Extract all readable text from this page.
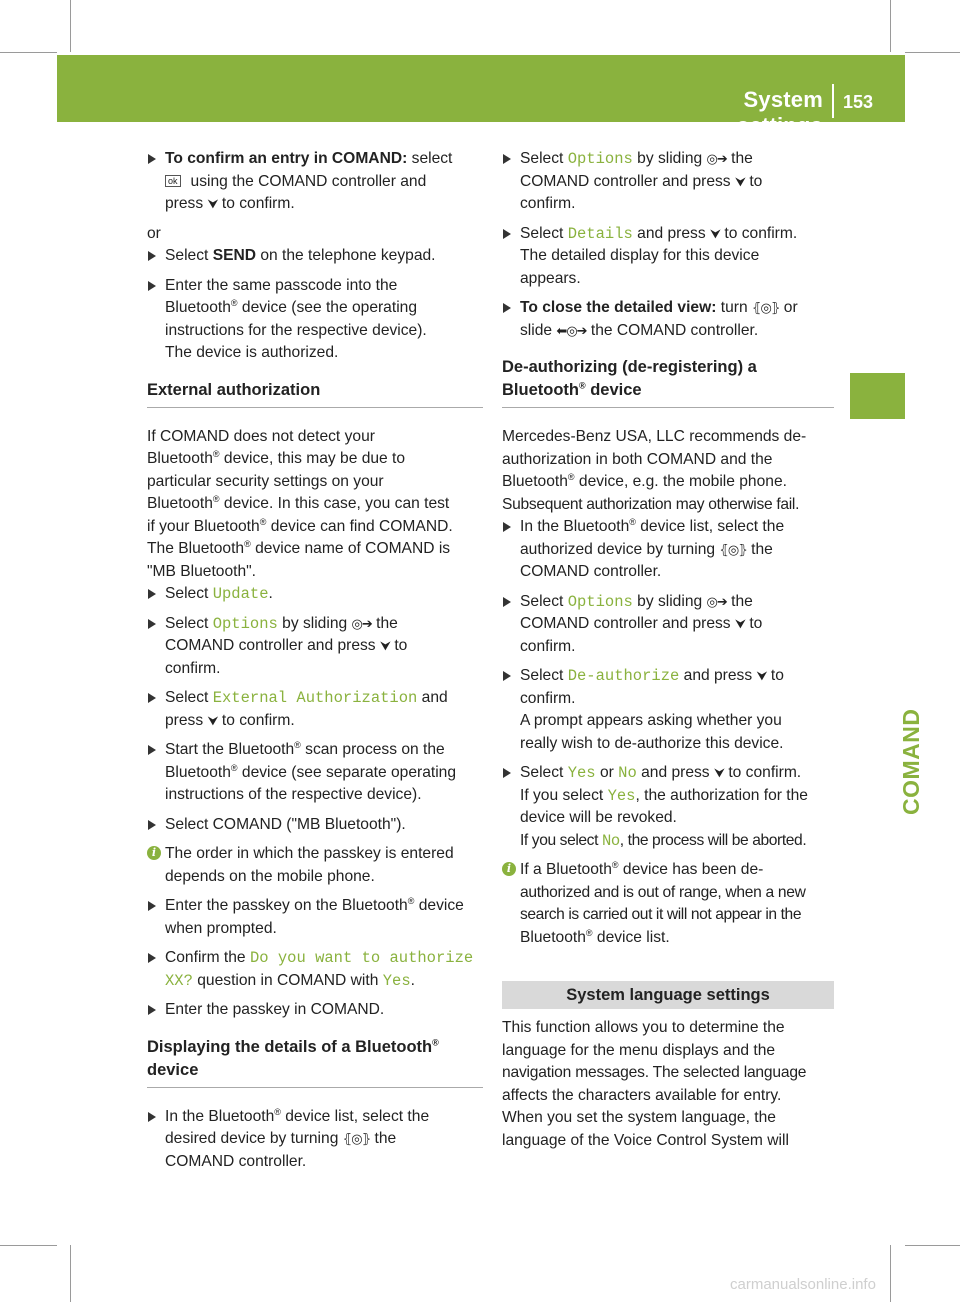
System settings
153
COMAND
To confirm an entry in COMAND: select
ok using the COMAND controller and
press ⮟ to confirm.

or

Select SEND on the telephone keypad.
Enter the same passcode into the
Bluetooth® device (see the operating
instructions for the respective device).
The device is authorized.
External authorization

If COMAND does not detect your
Bluetooth® device, this may be due to
particular security settings on your
Bluetooth® device. In this case, you can test
if your Bluetooth® device can find COMAND.
The Bluetooth® device name of COMAND is
"MB Bluetooth".

Select Update.
Select Options by sliding ◎➔ the
COMAND controller and press ⮟ to
confirm.
Select External Authorization and
press ⮟ to confirm.
Start the Bluetooth® scan process on the
Bluetooth® device (see separate operating
instructions of the respective device).
Select COMAND ("MB Bluetooth").
i The order in which the passkey is entered
depends on the mobile phone.
Enter the passkey on the Bluetooth® device
when prompted.
Confirm the Do you want to authorize
XX? question in COMAND with Yes.
Enter the passkey in COMAND.
Displaying the details of a Bluetooth®
device
In the Bluetooth® device list, select the
desired device by turning ⦃◎⦄ the
COMAND controller.
Select Options by sliding ◎➔ the
COMAND controller and press ⮟ to
confirm.
Select Details and press ⮟ to confirm.
The detailed display for this device
appears.
To close the detailed view: turn ⦃◎⦄ or
slide ⬅◎➔ the COMAND controller.
De-authorizing (de-registering) a
Bluetooth® device

Mercedes-Benz USA, LLC recommends de-
authorization in both COMAND and the
Bluetooth® device, e.g. the mobile phone.
Subsequent authorization may otherwise fail.

In the Bluetooth® device list, select the
authorized device by turning ⦃◎⦄ the
COMAND controller.
Select Options by sliding ◎➔ the
COMAND controller and press ⮟ to
confirm.
Select De-authorize and press ⮟ to
confirm.
A prompt appears asking whether you
really wish to de-authorize this device.
Select Yes or No and press ⮟ to confirm.
If you select Yes, the authorization for the
device will be revoked.
If you select No, the process will be aborted.
i If a Bluetooth® device has been de-
authorized and is out of range, when a new
search is carried out it will not appear in the
Bluetooth® device list.
System language settings

This function allows you to determine the
language for the menu displays and the
navigation messages. The selected language
affects the characters available for entry.

When you set the system language, the
language of the Voice Control System will

carmanualsonline.info
